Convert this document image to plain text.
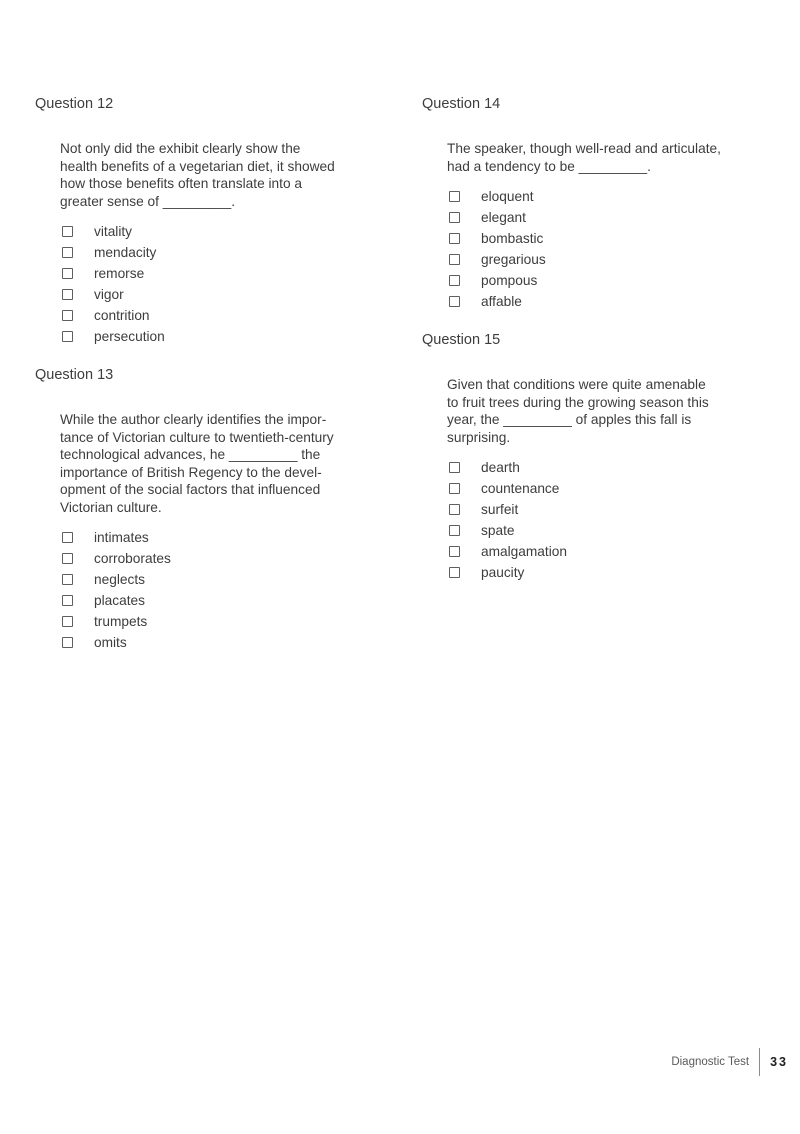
Question 12
Not only did the exhibit clearly show the
health benefits of a vegetarian diet, it showed
how those benefits often translate into a
greater sense of _________.
vitality
mendacity
remorse
vigor
contrition
persecution
Question 13
While the author clearly identifies the impor-
tance of Victorian culture to twentieth-century
technological advances, he _________ the
importance of British Regency to the devel-
opment of the social factors that influenced
Victorian culture.
intimates
corroborates
neglects
placates
trumpets
omits
Question 14
The speaker, though well-read and articulate,
had a tendency to be _________.
eloquent
elegant
bombastic
gregarious
pompous
affable
Question 15
Given that conditions were quite amenable
to fruit trees during the growing season this
year, the _________ of apples this fall is
surprising.
dearth
countenance
surfeit
spate
amalgamation
paucity
Diagnostic Test 33
